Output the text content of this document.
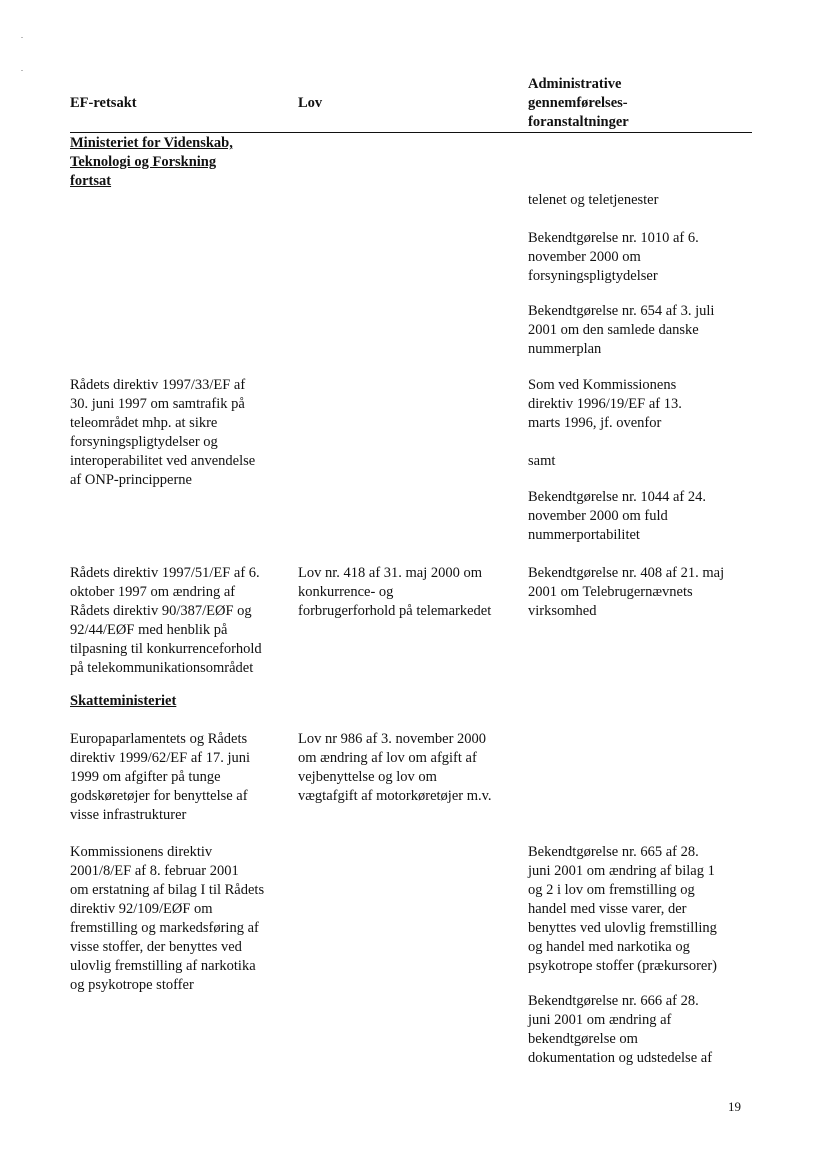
EF-retsakt	Lov
Administrative
gennemførelses-
foranstaltninger
Ministeriet for Videnskab,
Teknologi og Forskning
fortsat
telenet og teletjenester
Bekendtgørelse nr. 1010 af 6.
november 2000 om
forsyningspligtydelser
Bekendtgørelse nr. 654 af 3. juli
2001 om den samlede danske
nummerplan
Rådets direktiv 1997/33/EF af
30. juni 1997 om samtrafik på
teleområdet mhp. at sikre
forsyningspligtydelser og
interoperabilitet ved anvendelse
af ONP-principperne
Som ved Kommissionens
direktiv 1996/19/EF af 13.
marts 1996, jf. ovenfor
samt
Bekendtgørelse nr. 1044 af 24.
november 2000 om fuld
nummerportabilitet
Rådets direktiv 1997/51/EF af 6.
oktober 1997 om ændring af
Rådets direktiv 90/387/EØF og
92/44/EØF med henblik på
tilpasning til konkurrenceforhold
på telekommunikationsområdet
Lov nr. 418 af 31. maj 2000 om
konkurrence- og
forbrugerforhold på telemarkedet
Bekendtgørelse nr. 408 af 21. maj
2001 om Telebrugernævnets
virksomhed
Skatteministeriet
Europaparlamentets og Rådets
direktiv 1999/62/EF af 17. juni
1999 om afgifter på tunge
godskøretøjer for benyttelse af
visse infrastrukturer
Lov nr 986 af 3. november 2000
om ændring af lov om afgift af
vejbenyttelse og lov om
vægtafgift af motorkøretøjer m.v.
Kommissionens direktiv
2001/8/EF af 8. februar 2001
om erstatning af bilag I til Rådets
direktiv 92/109/EØF om
fremstilling og markedsføring af
visse stoffer, der benyttes ved
ulovlig fremstilling af narkotika
og psykotrope stoffer
Bekendtgørelse nr. 665 af 28.
juni 2001 om ændring af bilag 1
og 2 i lov om fremstilling og
handel med visse varer, der
benyttes ved ulovlig fremstilling
og handel med narkotika og
psykotrope stoffer (prækursorer)
Bekendtgørelse nr. 666 af 28.
juni 2001 om ændring af
bekendtgørelse om
dokumentation og udstedelse af
19
